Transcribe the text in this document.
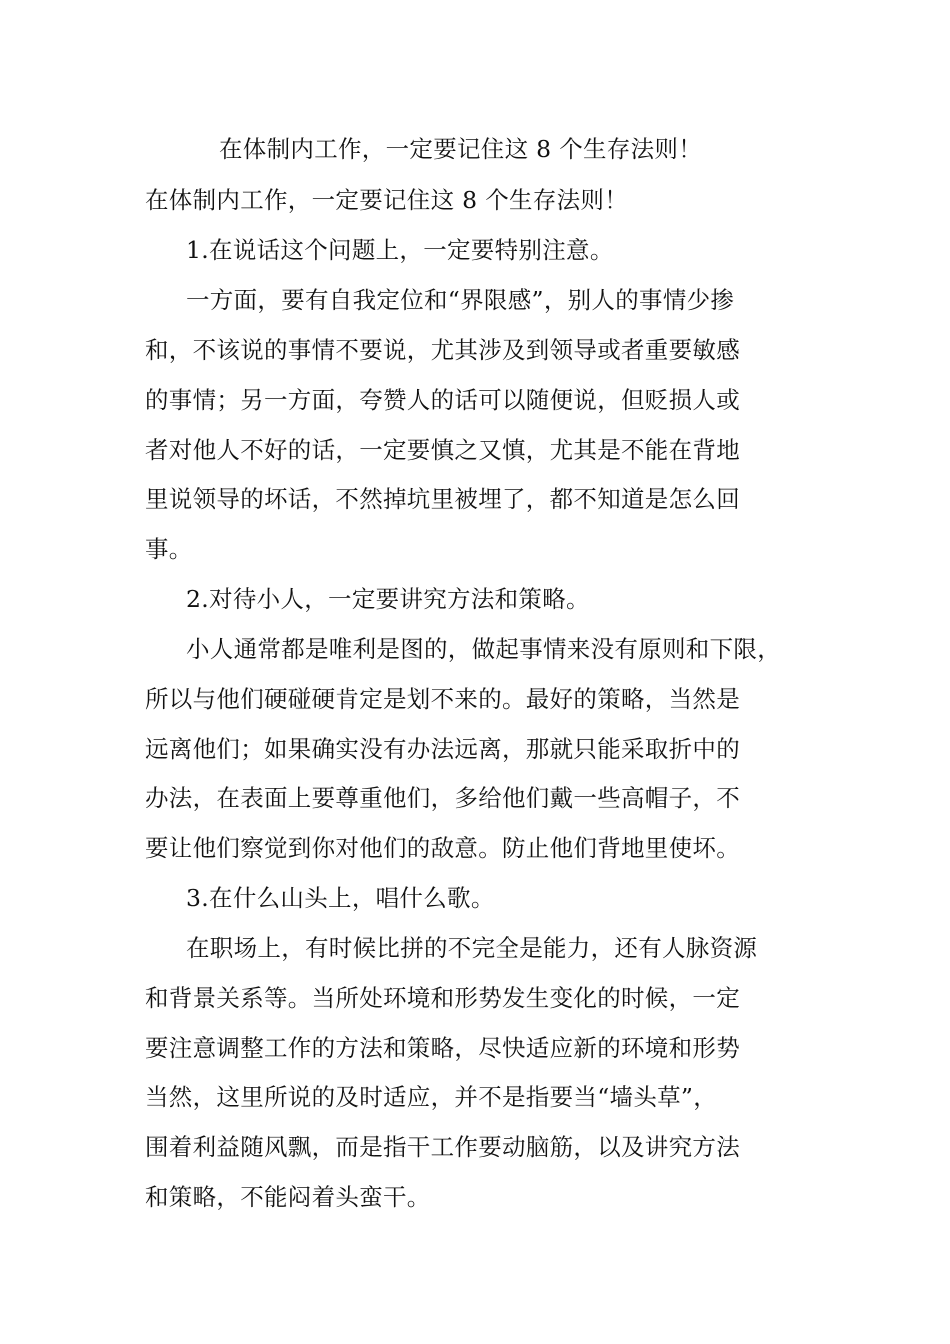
在体制内工作，一定要记住这 8 个生存法则！
在体制内工作，一定要记住这 8 个生存法则！
1.在说话这个问题上，一定要特别注意。
一方面，要有自我定位和“界限感”，别人的事情少掺
和，不该说的事情不要说，尤其涉及到领导或者重要敏感
的事情；另一方面，夸赞人的话可以随便说，但贬损人或
者对他人不好的话，一定要慎之又慎，尤其是不能在背地
里说领导的坏话，不然掉坑里被埋了，都不知道是怎么回
事。
2.对待小人，一定要讲究方法和策略。
小人通常都是唯利是图的，做起事情来没有原则和下限，
所以与他们硬碰硬肯定是划不来的。最好的策略，当然是
远离他们；如果确实没有办法远离，那就只能采取折中的
办法，在表面上要尊重他们，多给他们戴一些高帽子，不
要让他们察觉到你对他们的敌意。防止他们背地里使坏。
3.在什么山头上，唱什么歌。
在职场上，有时候比拼的不完全是能力，还有人脉资源
和背景关系等。当所处环境和形势发生变化的时候，一定
要注意调整工作的方法和策略，尽快适应新的环境和形势
当然，这里所说的及时适应，并不是指要当“墙头草”，
围着利益随风飘，而是指干工作要动脑筋，以及讲究方法
和策略，不能闷着头蛮干。
